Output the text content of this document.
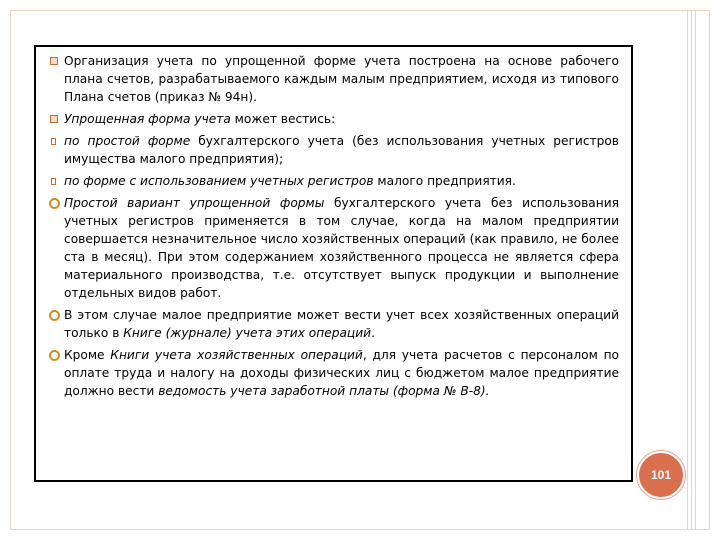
Организация учета по упрощенной форме учета построена на основе рабочего плана счетов, разрабатываемого каждым малым предприятием, исходя из типового Плана счетов (приказ № 94н).
Упрощенная форма учета может вестись:
по простой форме бухгалтерского учета (без использования учетных регистров имущества малого предприятия);
по форме с использованием учетных регистров малого предприятия.
Простой вариант упрощенной формы бухгалтерского учета без использования учетных регистров применяется в том случае, когда на малом предприятии совершается незначительное число хозяйственных операций (как правило, не более ста в месяц). При этом содержанием хозяйственного процесса не является сфера материального производства, т.е. отсутствует выпуск продукции и выполнение отдельных видов работ.
В этом случае малое предприятие может вести учет всех хозяйственных операций только в Книге (журнале) учета этих операций.
Кроме Книги учета хозяйственных операций, для учета расчетов с персоналом по оплате труда и налогу на доходы физических лиц с бюджетом малое предприятие должно вести ведомость учета заработной платы (форма № В-8).
101
